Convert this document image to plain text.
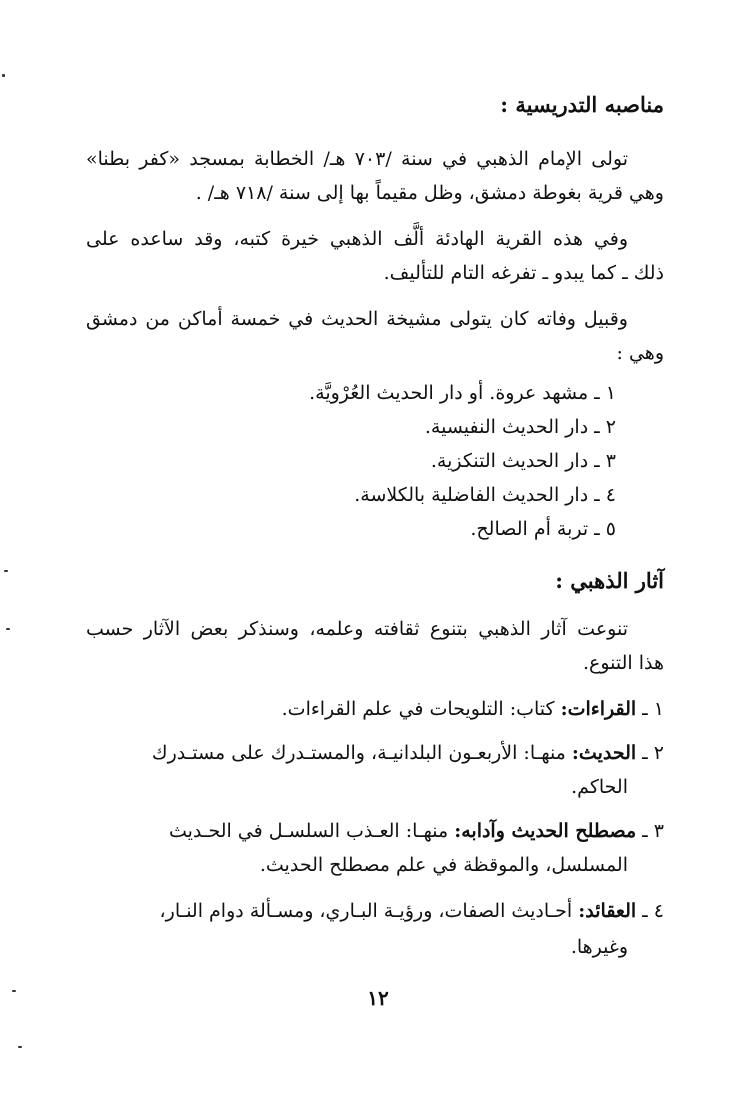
مناصبه التدريسية :
تولى الإمام الذهبي في سنة /٧٠٣ هـ/ الخطابة بمسجد «كفر بطنا»
وهي قرية بغوطة دمشق، وظل مقيماً بها إلى سنة /٧١٨ هـ/ .
وفي هذه القرية الهادئة ألَّف الذهبي خيرة كتبه، وقد ساعده على
ذلك ـ كما يبدو ـ تفرغه التام للتأليف.
وقبيل وفاته كان يتولى مشيخة الحديث في خمسة أماكن من دمشق
وهي :
١ ـمشهد عروة. أو دار الحديث العُرْويَّة.
٢ ـدار الحديث النفيسية.
٣ ـدار الحديث التنكزية.
٤ ـدار الحديث الفاضلية بالكلاسة.
٥ ـتربة أم الصالح.
آثار الذهبي :
تنوعت آثار الذهبي بتنوع ثقافته وعلمه، وسنذكر بعض الآثار حسب
هذا التنوع.
١ ـالقراءات: كتاب: التلويحات في علم القراءات.
٢ ـالحديث: منهـا: الأربعـون البلدانيـة، والمستـدرك على مستـدرك
الحاكم.
٣ ـمصطلح الحديث وآدابه: منهـا: العـذب السلسـل في الحـديث
المسلسل، والموقظة في علم مصطلح الحديث.
٤ ـالعقائد: أحـاديث الصفات، ورؤيـة البـاري، ومسـألة دوام النـار،
وغيرها.
١٢
